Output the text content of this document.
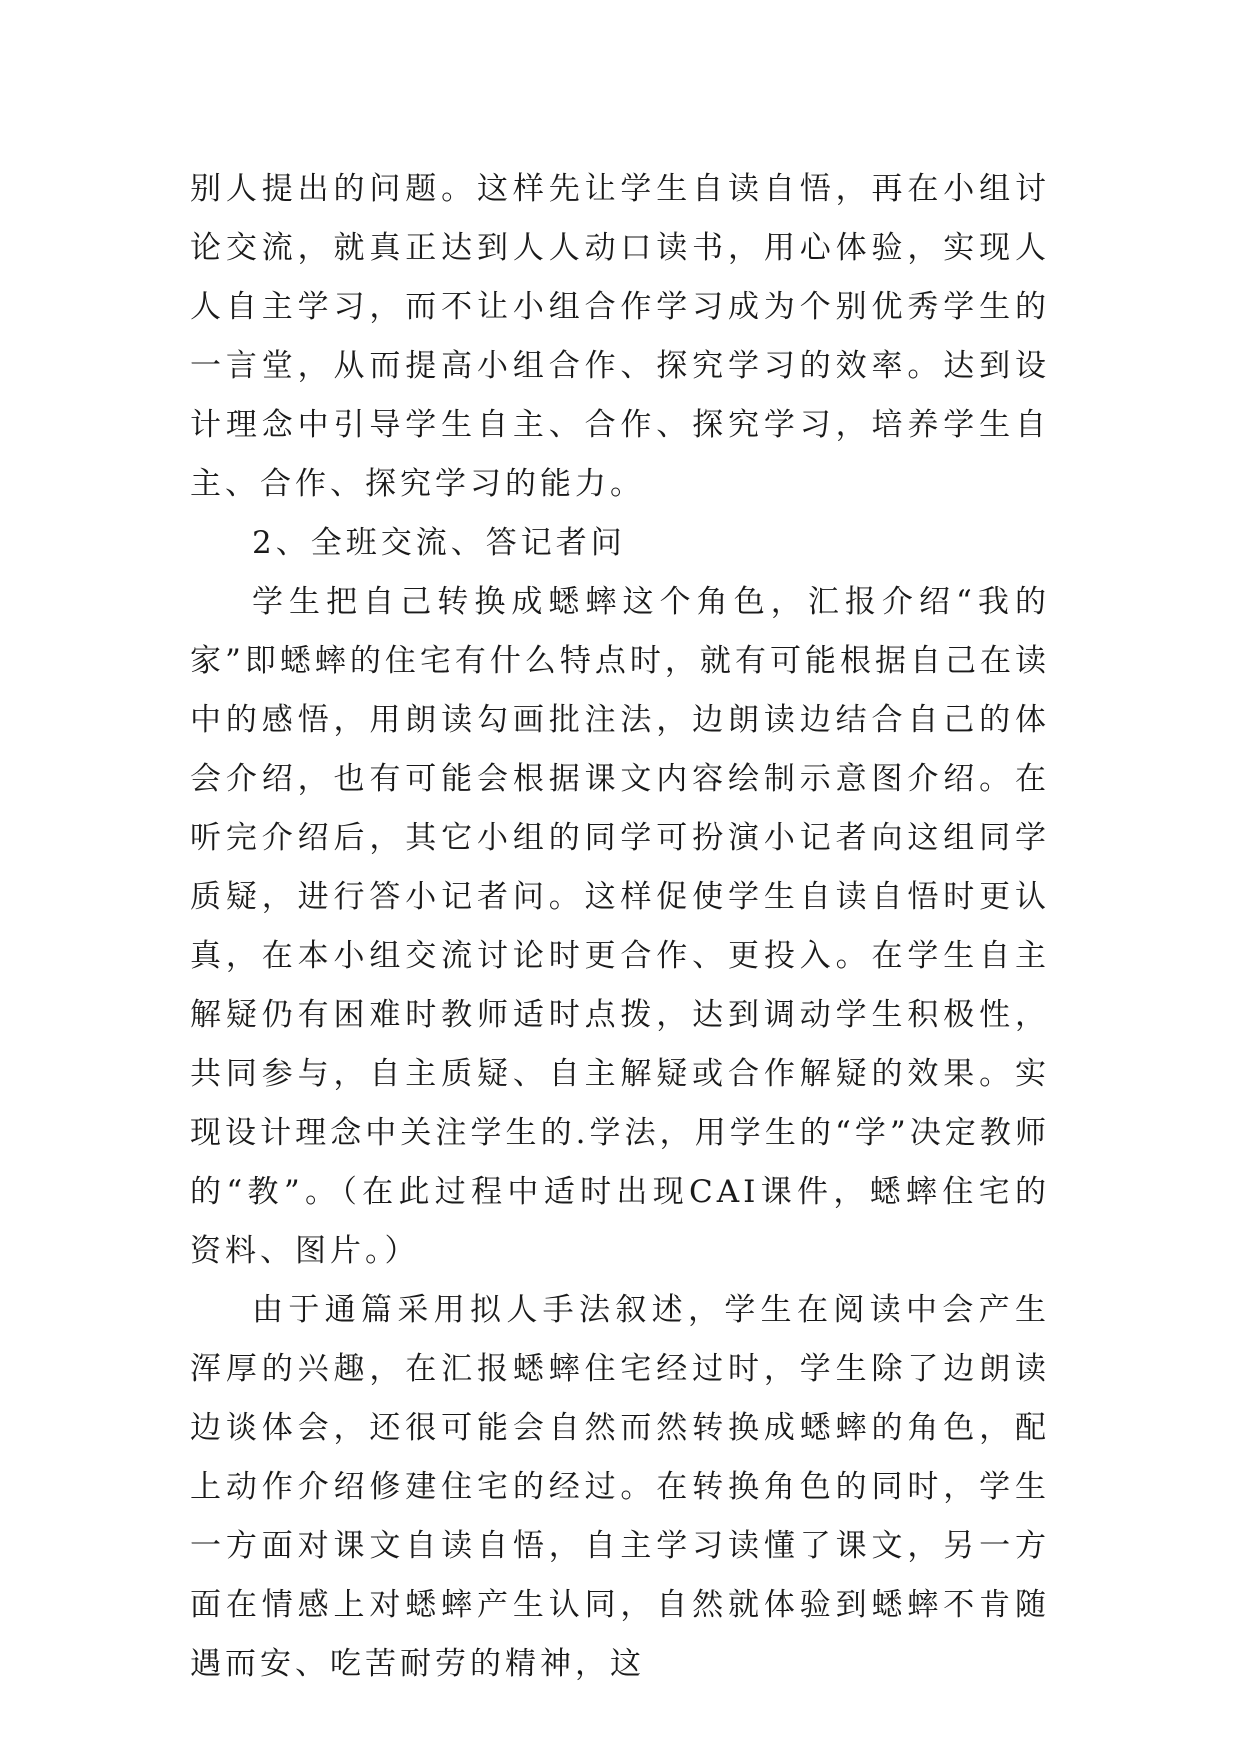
别人提出的问题。这样先让学生自读自悟，再在小组讨论交流，就真正达到人人动口读书，用心体验，实现人人自主学习，而不让小组合作学习成为个别优秀学生的一言堂，从而提高小组合作、探究学习的效率。达到设计理念中引导学生自主、合作、探究学习，培养学生自主、合作、探究学习的能力。

2、全班交流、答记者问

学生把自己转换成蟋蟀这个角色，汇报介绍“我的家”即蟋蟀的住宅有什么特点时，就有可能根据自己在读中的感悟，用朗读勾画批注法，边朗读边结合自己的体会介绍，也有可能会根据课文内容绘制示意图介绍。在听完介绍后，其它小组的同学可扮演小记者向这组同学质疑，进行答小记者问。这样促使学生自读自悟时更认真，在本小组交流讨论时更合作、更投入。在学生自主解疑仍有困难时教师适时点拨，达到调动学生积极性，共同参与，自主质疑、自主解疑或合作解疑的效果。实现设计理念中关注学生的.学法，用学生的“学”决定教师的“教”。（在此过程中适时出现CAI课件，蟋蟀住宅的资料、图片。）

由于通篇采用拟人手法叙述，学生在阅读中会产生浑厚的兴趣，在汇报蟋蟀住宅经过时，学生除了边朗读边谈体会，还很可能会自然而然转换成蟋蟀的角色，配上动作介绍修建住宅的经过。在转换角色的同时，学生一方面对课文自读自悟，自主学习读懂了课文，另一方面在情感上对蟋蟀产生认同，自然就体验到蟋蟀不肯随遇而安、吃苦耐劳的精神，这
